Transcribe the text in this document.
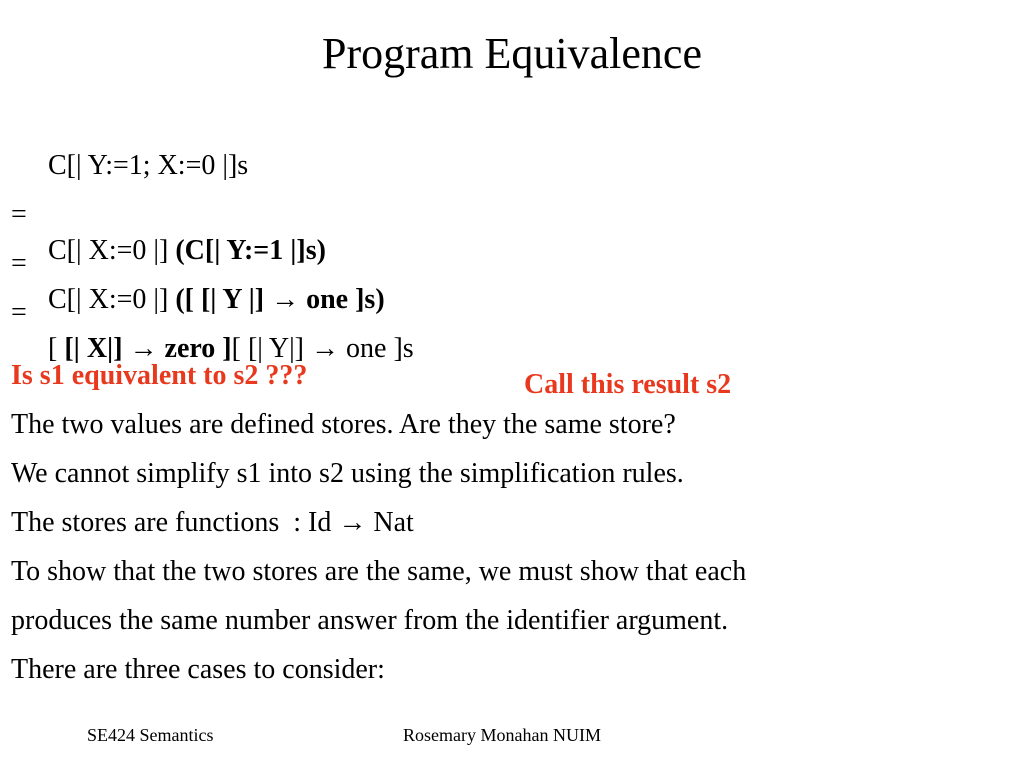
Program Equivalence

C[| Y:=1; X:=0 |]s

=

C[| X:=0 |] (C[| Y:=1 |]s)

=

C[| X:=0 |] ([ [| Y |] → one ]s)

=

[ [| X|] → zero ][ [| Y|] → one ]s

Call this result s2

Is s1 equivalent to s2 ???
The two values are defined stores. Are they the same store?
We cannot simplify s1 into s2 using the simplification rules.
The stores are functions  : Id → Nat
To show that the two stores are the same, we must show that each
produces the same number answer from the identifier argument.
There are three cases to consider:
SE424 Semantics	Rosemary Monahan NUIM
